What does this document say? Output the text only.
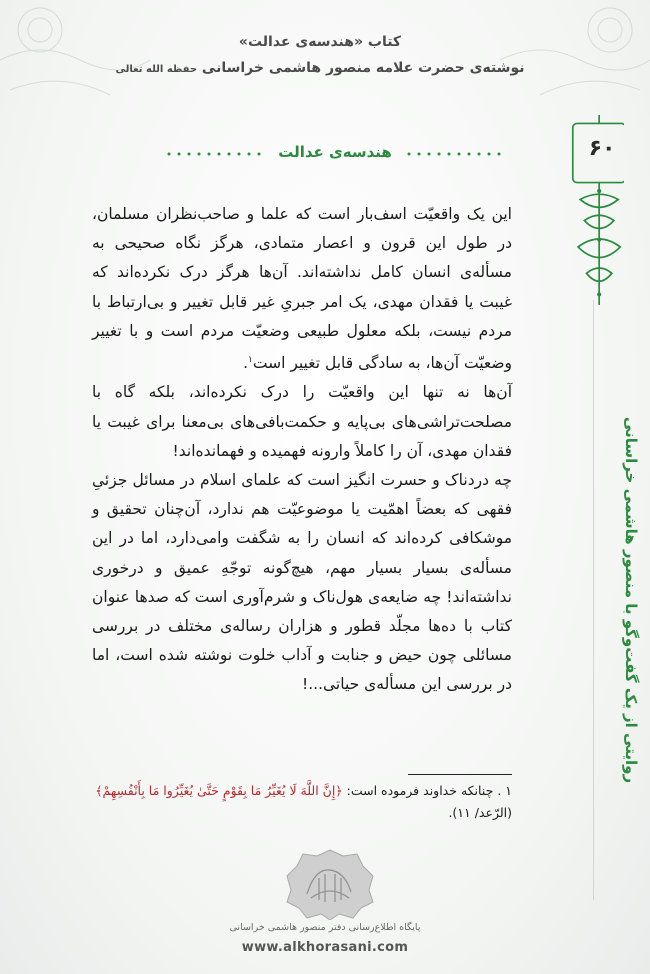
کتاب «هندسه‌ی عدالت»
نوشته‌ی حضرت علامه منصور هاشمی خراسانی حفظه الله تعالی
۶۰
روایتی از یک گفت‌وگو با منصور هاشمی خراسانی
هندسه‌ی عدالت

این یک واقعیّت اسف‌بار است که علما و صاحب‌نظران مسلمان، در طول این قرون و اعصار متمادی، هرگز نگاه صحیحی به مسأله‌ی انسان کامل نداشته‌اند. آن‌ها هرگز درک نکرده‌اند که غیبت یا فقدان مهدی، یک امر جبریِ غیر قابل تغییر و بی‌ارتباط با مردم نیست، بلکه معلول طبیعی وضعیّت مردم است و با تغییر وضعیّت آن‌ها، به سادگی قابل تغییر است$^۱$.

آن‌ها نه تنها این واقعیّت را درک نکرده‌اند، بلکه گاه با مصلحت‌تراشی‌های بی‌پایه و حکمت‌بافی‌های بی‌معنا برای غیبت یا فقدان مهدی، آن را کاملاً وارونه فهمیده و فهمانده‌اند!

چه دردناک و حسرت انگیز است که علمای اسلام در مسائل جزئیِ فقهی که بعضاً اهمّیت یا موضوعیّت هم ندارد، آن‌چنان تحقیق و موشکافی کرده‌اند که انسان را به شگفت وامی‌دارد، اما در این مسأله‌ی بسیار بسیار مهم، هیچ‌گونه توجّهِ عمیق و درخوری نداشته‌اند! چه ضایعه‌ی هول‌ناک و شرم‌آوری است که صدها عنوان کتاب با ده‌ها مجلّد قطور و هزاران رساله‌ی مختلف در بررسی مسائلی چون حیض و جنابت و آداب خلوت نوشته شده است، اما در بررسی این مسأله‌ی حیاتی...!

۱ . چنانکه خداوند فرموده است: ﴿إِنَّ اللَّهَ لَا يُغَيِّرُ مَا بِقَوْمٍ حَتَّىٰ يُغَيِّرُوا مَا بِأَنْفُسِهِمْ﴾ (الرّعد/ ۱۱).
پایگاه اطلاع‌رسانی دفتر منصور هاشمی خراسانی
www.alkhorasani.com
